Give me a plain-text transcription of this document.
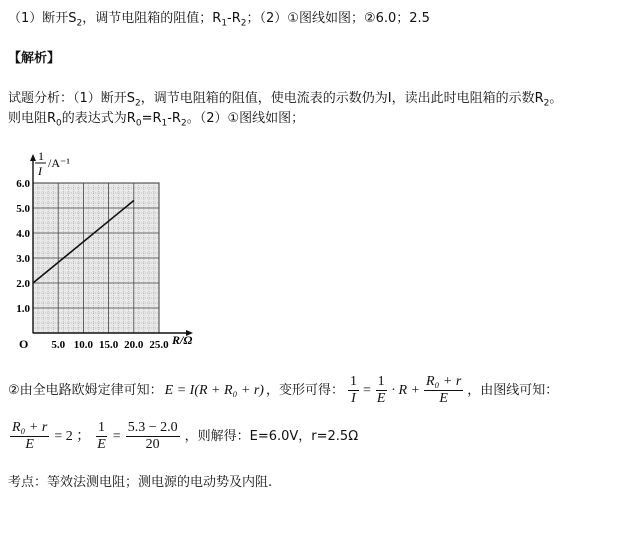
（1）断开$S_2$，调节电阻箱的阻值；$R_1-R_2$；（2）①图线如图；②6.0；2.5
【解析】
试题分析：（1）断开$S_2$，调节电阻箱的阻值，使电流表的示数仍为I，读出此时电阻箱的示数$R_2$。
则电阻$R_0$的表达式为$R_0=R_1-R_2$。（2）①图线如图；
1.0
2.0
3.0
4.0
5.0
6.0
5.0 10.0 15.0 20.0 25.0
1
I
/A⁻¹
R/Ω
O
②由全电路欧姆定律可知： E = I(R + R₀ + r) ，变形可得： $\frac{1}{I} = \frac{1}{E} \cdot R + \frac{\text{R₀ + r}}{E}$ ，由图线可知：
$\frac{\text{R₀ + r}}{E} = 2$ ； $\frac{1}{E} = \frac{5.3 - 2.0}{20}$ ，则解得：E=6.0V，r=2.5Ω
考点：等效法测电阻；测电源的电动势及内阻.
